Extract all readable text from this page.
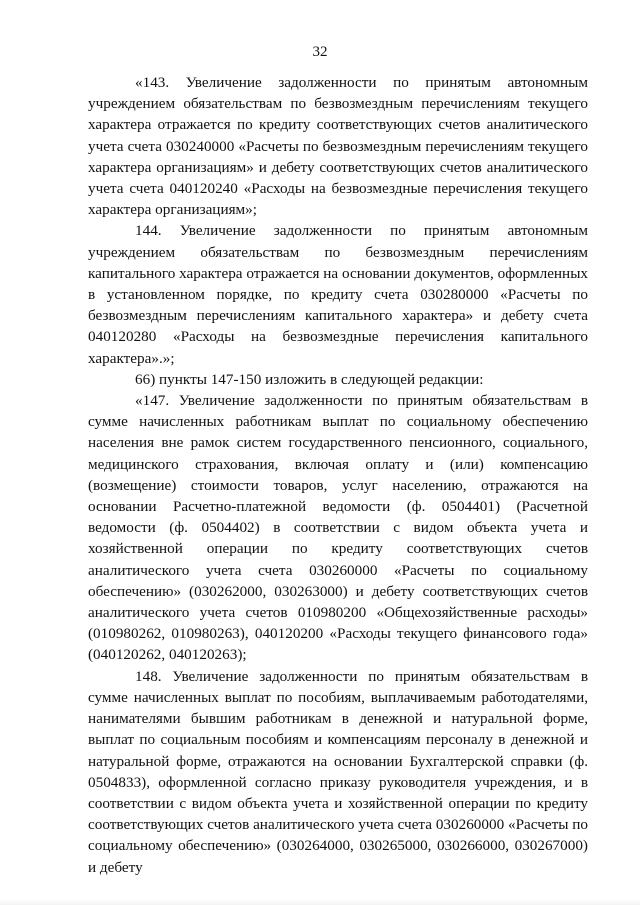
32

«143. Увеличение задолженности по принятым автономным учреждением обязательствам по безвозмездным перечислениям текущего характера отражается по кредиту соответствующих счетов аналитического учета счета 030240000 «Расчеты по безвозмездным перечислениям текущего характера организациям» и дебету соответствующих счетов аналитического учета счета 040120240 «Расходы на безвозмездные перечисления текущего характера организациям»;

144. Увеличение задолженности по принятым автономным учреждением обязательствам по безвозмездным перечислениям капитального характера отражается на основании документов, оформленных в установленном порядке, по кредиту счета 030280000 «Расчеты по безвозмездным перечислениям капитального характера» и дебету счета 040120280 «Расходы на безвозмездные перечисления капитального характера».»;

66) пункты 147-150 изложить в следующей редакции:

«147. Увеличение задолженности по принятым обязательствам в сумме начисленных работникам выплат по социальному обеспечению населения вне рамок систем государственного пенсионного, социального, медицинского страхования, включая оплату и (или) компенсацию (возмещение) стоимости товаров, услуг населению, отражаются на основании Расчетно-платежной ведомости (ф. 0504401) (Расчетной ведомости (ф. 0504402) в соответствии с видом объекта учета и хозяйственной операции по кредиту соответствующих счетов аналитического учета счета 030260000 «Расчеты по социальному обеспечению» (030262000, 030263000) и дебету соответствующих счетов аналитического учета счетов 010980200 «Общехозяйственные расходы» (010980262, 010980263), 040120200 «Расходы текущего финансового года» (040120262, 040120263);

148. Увеличение задолженности по принятым обязательствам в сумме начисленных выплат по пособиям, выплачиваемым работодателями, нанимателями бывшим работникам в денежной и натуральной форме, выплат по социальным пособиям и компенсациям персоналу в денежной и натуральной форме, отражаются на основании Бухгалтерской справки (ф. 0504833), оформленной согласно приказу руководителя учреждения, и в соответствии с видом объекта учета и хозяйственной операции по кредиту соответствующих счетов аналитического учета счета 030260000 «Расчеты по социальному обеспечению» (030264000, 030265000, 030266000, 030267000) и дебету
